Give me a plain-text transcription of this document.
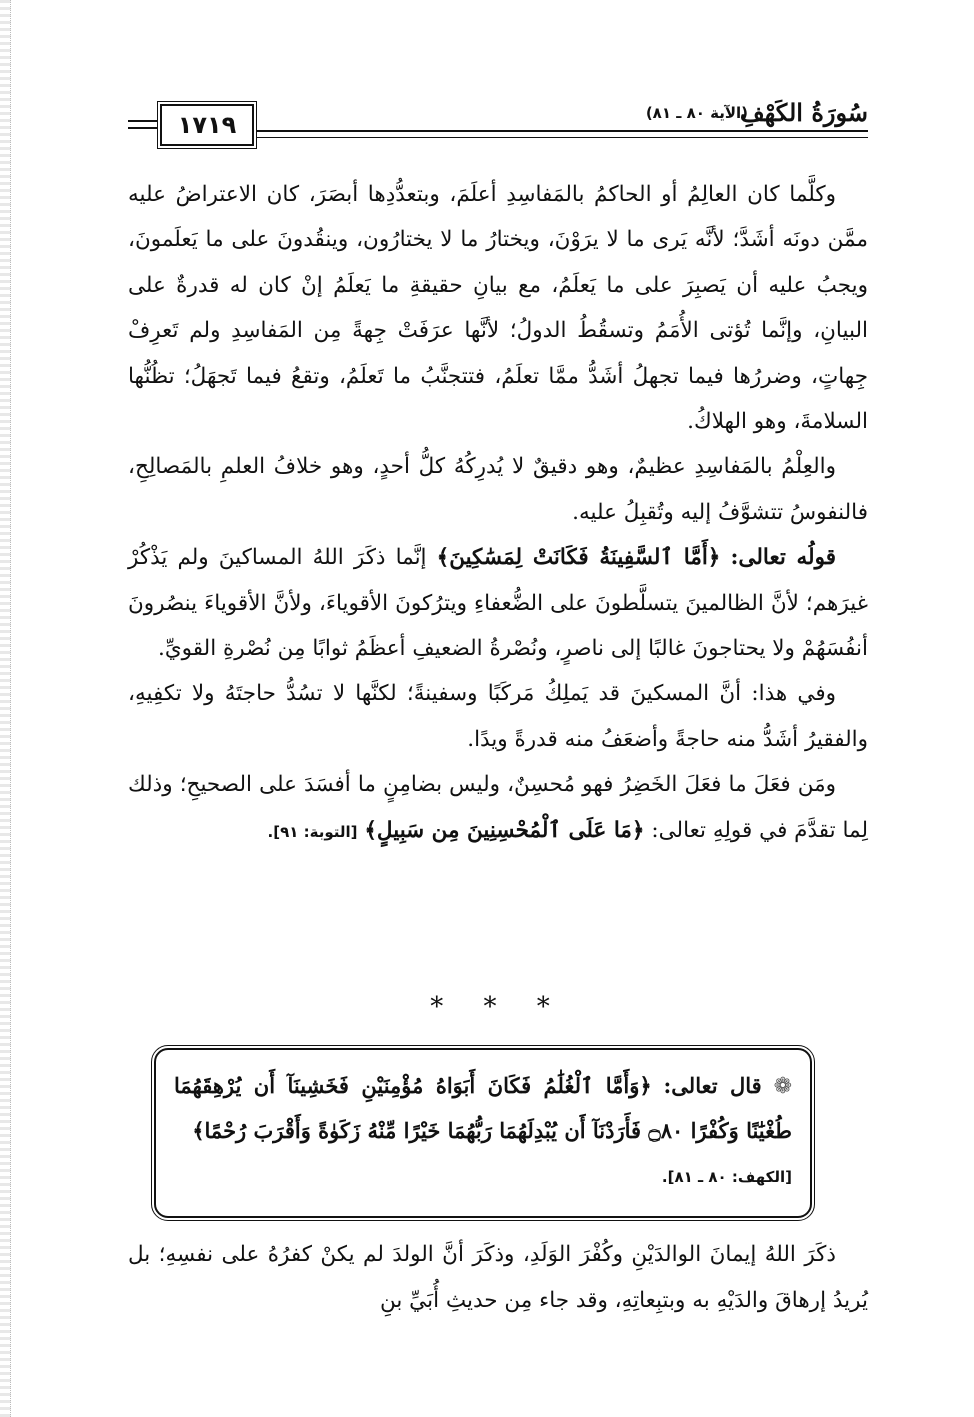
١٧١٩	سُورَةُ الكَهْفِ
(الآية ٨٠ ـ ٨١)

وكلَّما كان العالِمُ أو الحاكمُ بالمَفاسِدِ أعلَمَ، وبتعدُّدِها أبصَرَ، كان الاعتراضُ عليه ممَّن دونَه أشَدَّ؛ لأنَّه يَرى ما لا يرَوْنَ، ويختارُ ما لا يختارُون، وينقُدونَ على ما يَعلَمونَ، ويجبُ عليه أن يَصبِرَ على ما يَعلَمُ، مع بيانِ حقيقةِ ما يَعلَمُ إنْ كان له قدرةٌ على البيانِ، وإنَّما تُؤتى الأُمَمُ وتسقُطُ الدولُ؛ لأنَّها عرَفَتْ جِهةً مِن المَفاسِدِ ولم تَعرِفْ جِهاتٍ، وضررُها فيما تجهلُ أشَدُّ ممَّا تعلَمُ، فتتجنَّبُ ما تَعلَمُ، وتقعُ فيما تَجهَلُ؛ تظُنُّها السلامةَ، وهو الهلاكُ.

والعِلْمُ بالمَفاسِدِ عظيمٌ، وهو دقيقٌ لا يُدرِكُهُ كلُّ أحدٍ، وهو خلافُ العلمِ بالمَصالِحِ، فالنفوسُ تتشوَّفُ إليه وتُقبِلُ عليه.

قولُه تعالى: ﴿أَمَّا ٱلسَّفِينَةُ فَكَانَتْ لِمَسَٰكِينَ﴾ إنَّما ذكَرَ اللهُ المساكينَ ولم يَذْكُرْ غيرَهم؛ لأنَّ الظالمينَ يتسلَّطونَ على الضُّعفاءِ ويترُكونَ الأقوياءَ، ولأنَّ الأقوياءَ ينصُرونَ أنفُسَهُمْ ولا يحتاجونَ غالبًا إلى ناصرٍ، ونُصْرةُ الضعيفِ أعظَمُ ثوابًا مِن نُصْرةِ القويِّ.

وفي هذا: أنَّ المسكينَ قد يَملِكُ مَركَبًا وسفينةً؛ لكنَّها لا تسُدُّ حاجتَهُ ولا تكفِيهِ، والفقيرُ أشَدُّ منه حاجةً وأضعَفُ منه قدرةً ويدًا.

ومَن فعَلَ ما فعَلَ الخَضِرُ فهو مُحسِنٌ، وليس بضامِنٍ ما أفسَدَ على الصحيحِ؛ وذلك لِما تقدَّمَ في قولِهِ تعالى: ﴿مَا عَلَى ٱلْمُحْسِنِينَ مِن سَبِيلٍ﴾ [التوبة: ٩١].

* * *

❁ قال تعالى: ﴿وَأَمَّا ٱلْغُلَٰمُ فَكَانَ أَبَوَاهُ مُؤْمِنَيْنِ فَخَشِينَآ أَن يُرْهِقَهُمَا طُغْيَٰنًا وَكُفْرًا ۝٨٠ فَأَرَدْنَآ أَن يُبْدِلَهُمَا رَبُّهُمَا خَيْرًا مِّنْهُ زَكَوٰةً وَأَقْرَبَ رُحْمًا﴾

[الكهف: ٨٠ ـ ٨١].

ذكَرَ اللهُ إيمانَ الوالدَيْنِ وكُفْرَ الوَلَدِ، وذكَرَ أنَّ الولدَ لم يكنْ كفرُهُ على نفسِهِ؛ بل يُريدُ إرهاقَ والدَيْهِ به وبتبِعاتِهِ، وقد جاء مِن حديثِ أُبَيِّ بنِ
